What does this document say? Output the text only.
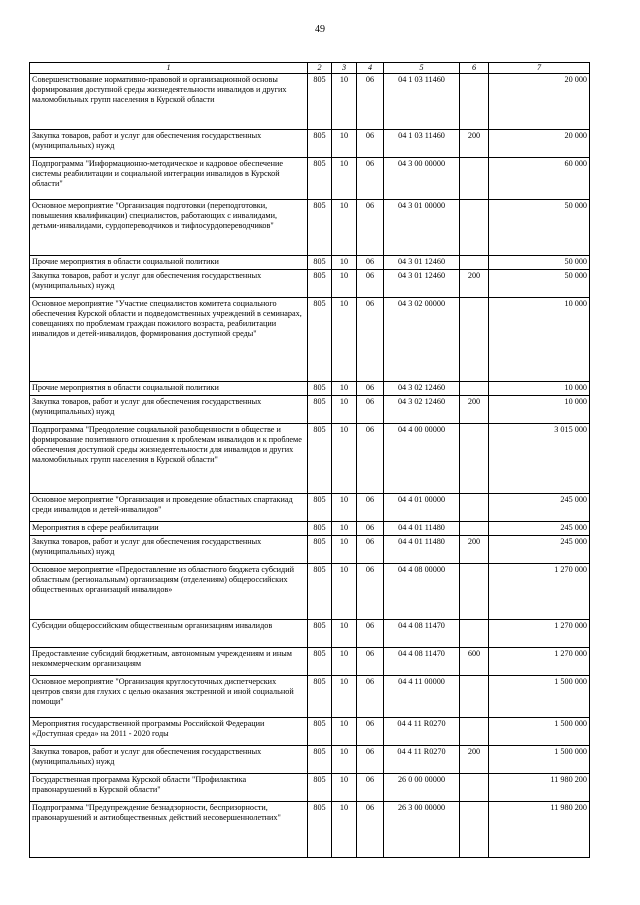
49
1	2	3	4	5	6	7
Совершенствование нормативно-правовой и организационной основы формирования доступной среды жизнедеятельности инвалидов и других маломобильных групп населения в Курской области	805	10	06	04 1 03 11460		20 000
Закупка товаров, работ и услуг для обеспечения государственных (муниципальных) нужд	805	10	06	04 1 03 11460	200	20 000
Подпрограмма "Информационно-методическое и кадровое обеспечение системы реабилитации и социальной интеграции инвалидов в Курской области"	805	10	06	04 3 00 00000		60 000
Основное мероприятие "Организация подготовки (переподготовки, повышения квалификации) специалистов, работающих с инвалидами, детьми-инвалидами, сурдопереводчиков и тифлосурдопереводчиков"	805	10	06	04 3 01 00000		50 000
Прочие мероприятия в области социальной политики	805	10	06	04 3 01 12460		50 000
Закупка товаров, работ и услуг для обеспечения государственных (муниципальных) нужд	805	10	06	04 3 01 12460	200	50 000
Основное мероприятие "Участие специалистов комитета социального обеспечения Курской области и подведомственных учреждений в семинарах, совещаниях по проблемам граждан пожилого возраста, реабилитации инвалидов и детей-инвалидов, формирования доступной среды"	805	10	06	04 3 02 00000		10 000
Прочие мероприятия в области социальной политики	805	10	06	04 3 02 12460		10 000
Закупка товаров, работ и услуг для обеспечения государственных (муниципальных) нужд	805	10	06	04 3 02 12460	200	10 000
Подпрограмма "Преодоление социальной разобщенности в обществе и формирование позитивного отношения к проблемам инвалидов и к проблеме обеспечения доступной среды жизнедеятельности для инвалидов и других маломобильных групп населения в Курской области"	805	10	06	04 4 00 00000		3 015 000
Основное мероприятие "Организация и проведение областных спартакиад среди инвалидов и детей-инвалидов"	805	10	06	04 4 01 00000		245 000
Мероприятия в сфере реабилитации	805	10	06	04 4 01 11480		245 000
Закупка товаров, работ и услуг для обеспечения государственных (муниципальных) нужд	805	10	06	04 4 01 11480	200	245 000
Основное мероприятие «Предоставление из областного бюджета субсидий областным (региональным) организациям (отделениям) общероссийских общественных организаций инвалидов»	805	10	06	04 4 08 00000		1 270 000
Субсидии общероссийским общественным организациям инвалидов	805	10	06	04 4 08 11470		1 270 000
Предоставление субсидий бюджетным, автономным учреждениям и иным некоммерческим организациям	805	10	06	04 4 08 11470	600	1 270 000
Основное мероприятие "Организация круглосуточных диспетчерских центров связи для глухих с целью оказания экстренной и иной социальной помощи"	805	10	06	04 4 11 00000		1 500 000
Мероприятия государственной программы Российской Федерации «Доступная среда» на 2011 - 2020 годы	805	10	06	04 4 11 R0270		1 500 000
Закупка товаров, работ и услуг для обеспечения государственных (муниципальных) нужд	805	10	06	04 4 11 R0270	200	1 500 000
Государственная программа Курской области "Профилактика правонарушений в Курской области"	805	10	06	26 0 00 00000		11 980 200
Подпрограмма "Предупреждение безнадзорности, беспризорности, правонарушений и антиобщественных действий несовершеннолетних"	805	10	06	26 3 00 00000		11 980 200
